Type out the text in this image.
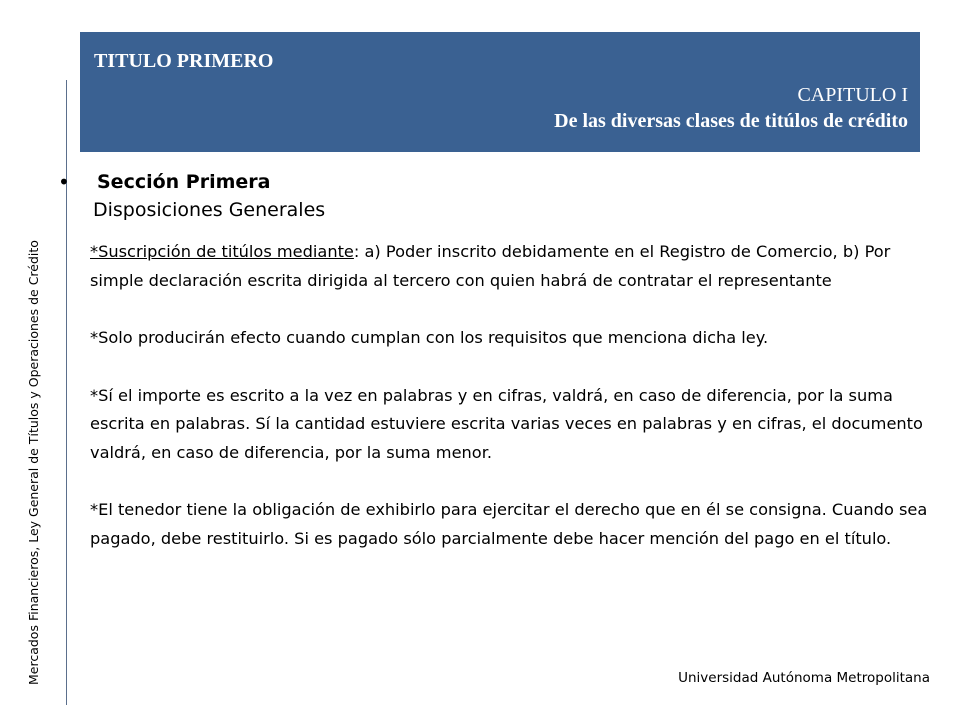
TITULO PRIMERO

CAPITULO I

De las diversas clases de titúlos de crédito

Mercados Financieros, Ley General de Títulos y Operaciones de Crédito
• Sección Primera

Disposiciones Generales

*Suscripción de titúlos mediante: a) Poder inscrito debidamente en el Registro de Comercio, b) Por simple declaración escrita dirigida al tercero con quien habrá de contratar el representante

*Solo producirán efecto cuando cumplan con los requisitos que menciona dicha ley.

*Sí el importe es escrito a la vez en palabras y en cifras, valdrá, en caso de diferencia, por la suma escrita en palabras. Sí la cantidad estuviere escrita varias veces en palabras y en cifras, el documento valdrá, en caso de diferencia, por la suma menor.

*El tenedor tiene la obligación de exhibirlo para ejercitar el derecho que en él se consigna. Cuando sea pagado, debe restituirlo. Si es pagado sólo parcialmente debe hacer mención del pago en el título.

Universidad Autónoma Metropolitana
